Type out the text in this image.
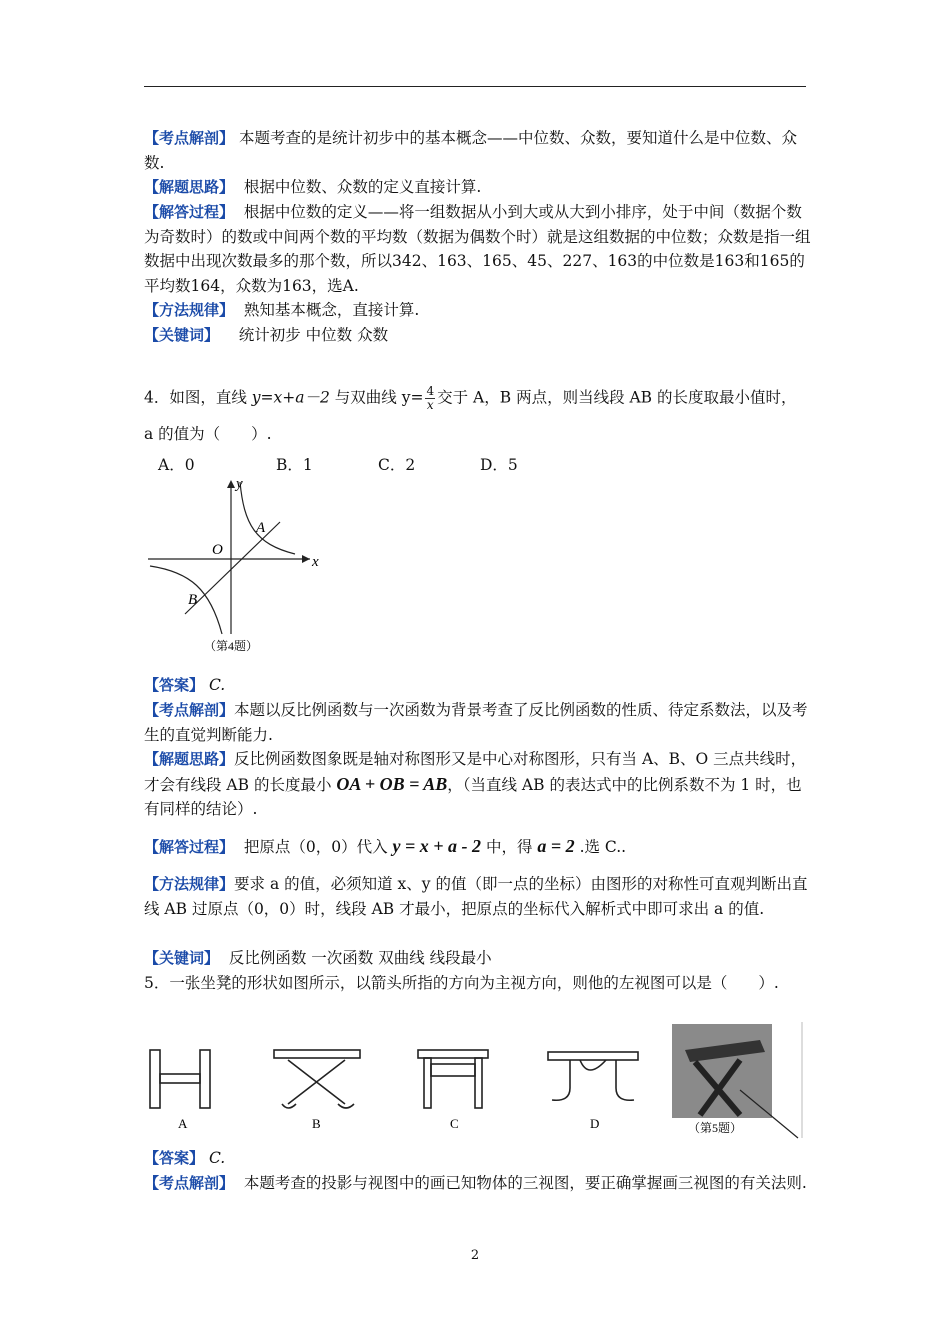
【考点解剖】 本题考查的是统计初步中的基本概念——中位数、众数，要知道什么是中位数、众数.
【解题思路】 根据中位数、众数的定义直接计算.
【解答过程】 根据中位数的定义——将一组数据从小到大或从大到小排序，处于中间（数据个数为奇数时）的数或中间两个数的平均数（数据为偶数个时）就是这组数据的中位数；众数是指一组数据中出现次数最多的那个数，所以342、163、165、45、227、163的中位数是163和165的平均数164，众数为163，选A.
【方法规律】 熟知基本概念，直接计算.
【关键词】 统计初步 中位数 众数
4．如图，直线 y=x+a－2 与双曲线 $y= \frac{4}{x}$ 交于 A，B 两点，则当线段 AB 的长度取最小值时，
a 的值为（　　）.
A．0	B．1	C．2	D．5
y
x
O
A
B
（第4题）
【答案】 C.
【考点解剖】本题以反比例函数与一次函数为背景考查了反比例函数的性质、待定系数法，以及考生的直觉判断能力.
【解题思路】反比例函数图象既是轴对称图形又是中心对称图形，只有当 A、B、O 三点共线时，才会有线段 AB 的长度最小 OA + OB = AB，（当直线 AB 的表达式中的比例系数不为 1 时，也有同样的结论）.
【解答过程】 把原点（0，0）代入 y = x + a - 2 中，得 a = 2 .选 C..
【方法规律】要求 a 的值，必须知道 x、y 的值（即一点的坐标）由图形的对称性可直观判断出直线 AB 过原点（0，0）时，线段 AB 才最小，把原点的坐标代入解析式中即可求出 a 的值.
【关键词】 反比例函数 一次函数 双曲线 线段最小
5．一张坐凳的形状如图所示，以箭头所指的方向为主视方向，则他的左视图可以是（　　）.
A	B	C	D	（第5题）
【答案】 C.
【考点解剖】 本题考查的投影与视图中的画已知物体的三视图，要正确掌握画三视图的有关法则.
2
